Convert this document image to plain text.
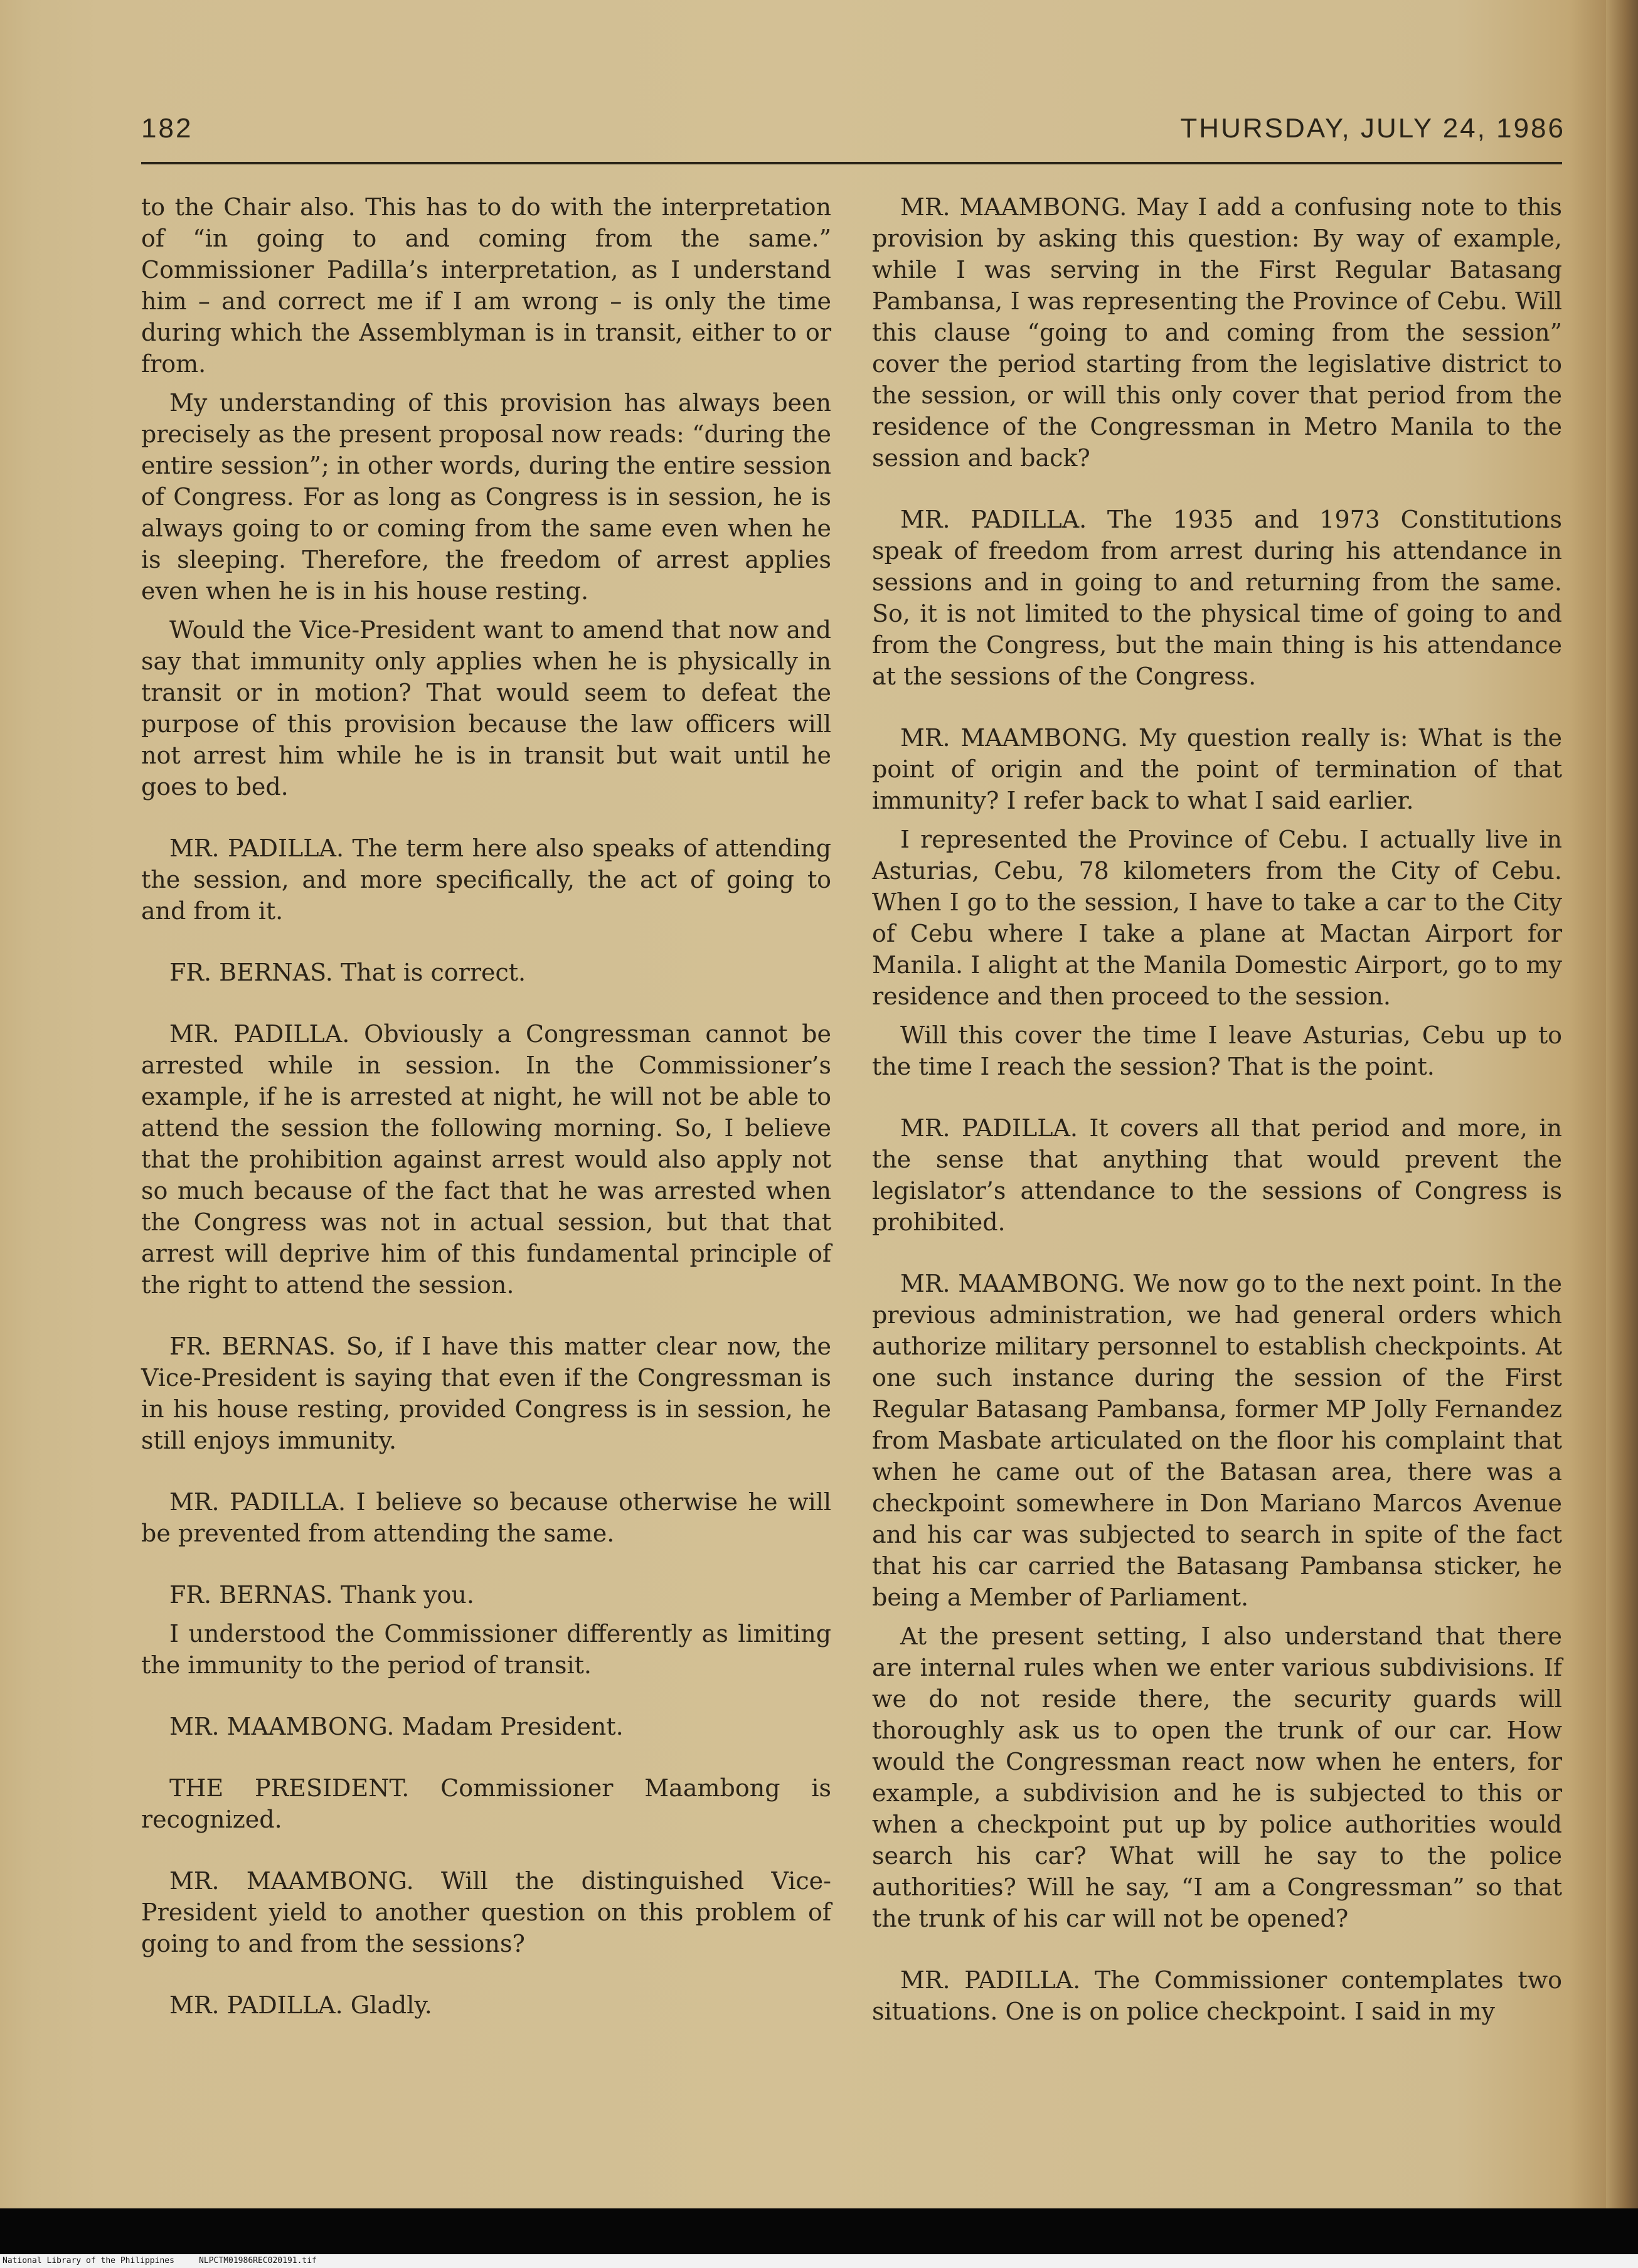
182	THURSDAY, JULY 24, 1986

to the Chair also. This has to do with the interpretation of “in going to and coming from the same.” Commissioner Padilla’s interpretation, as I understand him – and correct me if I am wrong – is only the time during which the Assemblyman is in transit, either to or from.

My understanding of this provision has always been precisely as the present proposal now reads: “during the entire session”; in other words, during the entire session of Congress. For as long as Congress is in session, he is always going to or coming from the same even when he is sleeping. Therefore, the freedom of arrest applies even when he is in his house resting.

Would the Vice-President want to amend that now and say that immunity only applies when he is physically in transit or in motion? That would seem to defeat the purpose of this provision because the law officers will not arrest him while he is in transit but wait until he goes to bed.

MR. PADILLA. The term here also speaks of attending the session, and more specifically, the act of going to and from it.

FR. BERNAS. That is correct.

MR. PADILLA. Obviously a Congressman cannot be arrested while in session. In the Commissioner’s example, if he is arrested at night, he will not be able to attend the session the following morning. So, I believe that the prohibition against arrest would also apply not so much because of the fact that he was arrested when the Congress was not in actual session, but that that arrest will deprive him of this fundamental principle of the right to attend the session.

FR. BERNAS. So, if I have this matter clear now, the Vice-President is saying that even if the Congressman is in his house resting, provided Congress is in session, he still enjoys immunity.

MR. PADILLA. I believe so because otherwise he will be prevented from attending the same.

FR. BERNAS. Thank you.

I understood the Commissioner differently as limiting the immunity to the period of transit.

MR. MAAMBONG. Madam President.

THE PRESIDENT. Commissioner Maambong is recognized.

MR. MAAMBONG. Will the distinguished Vice-President yield to another question on this problem of going to and from the sessions?

MR. PADILLA. Gladly.

MR. MAAMBONG. May I add a confusing note to this provision by asking this question: By way of example, while I was serving in the First Regular Batasang Pambansa, I was representing the Province of Cebu. Will this clause “going to and coming from the session” cover the period starting from the legislative district to the session, or will this only cover that period from the residence of the Congressman in Metro Manila to the session and back?

MR. PADILLA. The 1935 and 1973 Constitutions speak of freedom from arrest during his attendance in sessions and in going to and returning from the same. So, it is not limited to the physical time of going to and from the Congress, but the main thing is his attendance at the sessions of the Congress.

MR. MAAMBONG. My question really is: What is the point of origin and the point of termination of that immunity? I refer back to what I said earlier.

I represented the Province of Cebu. I actually live in Asturias, Cebu, 78 kilometers from the City of Cebu. When I go to the session, I have to take a car to the City of Cebu where I take a plane at Mactan Airport for Manila. I alight at the Manila Domestic Airport, go to my residence and then proceed to the session.

Will this cover the time I leave Asturias, Cebu up to the time I reach the session? That is the point.

MR. PADILLA. It covers all that period and more, in the sense that anything that would prevent the legislator’s attendance to the sessions of Congress is prohibited.

MR. MAAMBONG. We now go to the next point. In the previous administration, we had general orders which authorize military personnel to establish checkpoints. At one such instance during the session of the First Regular Batasang Pambansa, former MP Jolly Fernandez from Masbate articulated on the floor his complaint that when he came out of the Batasan area, there was a checkpoint somewhere in Don Mariano Marcos Avenue and his car was subjected to search in spite of the fact that his car carried the Batasang Pambansa sticker, he being a Member of Parliament.

At the present setting, I also understand that there are internal rules when we enter various subdivisions. If we do not reside there, the security guards will thoroughly ask us to open the trunk of our car. How would the Congressman react now when he enters, for example, a subdivision and he is subjected to this or when a checkpoint put up by police authorities would search his car? What will he say to the police authorities? Will he say, “I am a Congressman” so that the trunk of his car will not be opened?

MR. PADILLA. The Commissioner contemplates two situations. One is on police checkpoint. I said in my

National Library of the Philippines     NLPCTM01986REC020191.tif
